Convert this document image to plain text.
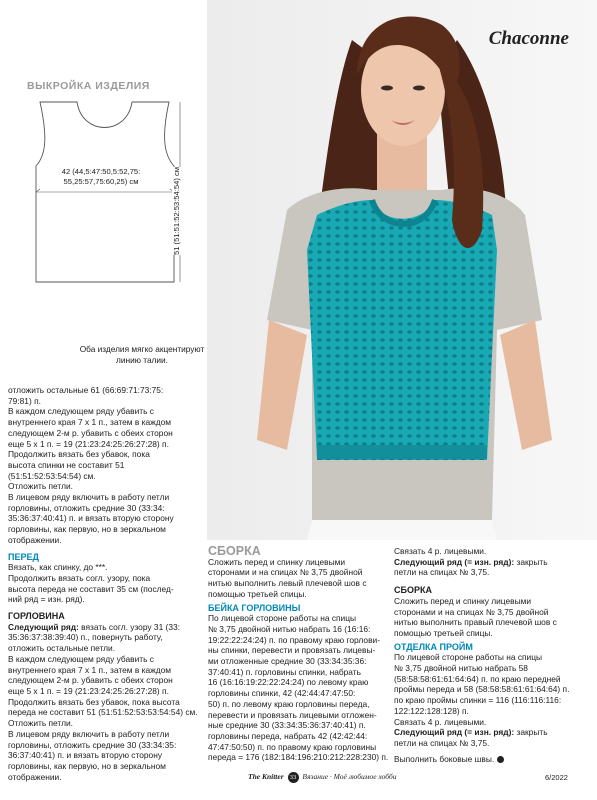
Chaconne
ВЫКРОЙКА ИЗДЕЛИЯ
42 (44,5:47:50,5:52,75:
55,25:57,75:60,25) см	51 (51:51:52:53:54:54) см
Оба изделия мягко акцентируют линию талии.

отложить остальные 61 (66:69:71:73:75:

79:81) п.

В каждом следующем ряду убавить с

внутреннего края 7 х 1 п., затем в каждом

следующем 2-м р. убавить с обеих сторон

еще 5 х 1 п. = 19 (21:23:24:25:26:27:28) п.

Продолжить вязать без убавок, пока

высота спинки не составит 51

(51:51:52:53:54:54) см.

Отложить петли.

В лицевом ряду включить в работу петли

горловины, отложить средние 30 (33:34:

35:36:37:40:41) п. и вязать вторую сторону

горловины, как первую, но в зеркальном

отображении.

ПЕРЕД

Вязать, как спинку, до ***.

Продолжить вязать согл. узору, пока

высота переда не составит 35 см (послед-

ний ряд = изн. ряд).

ГОРЛОВИНА

Следующий ряд: вязать согл. узору 31 (33:

35:36:37:38:39:40) п., повернуть работу,

отложить остальные петли.

В каждом следующем ряду убавить с

внутреннего края 7 х 1 п., затем в каждом

следующем 2-м р. убавить с обеих сторон

еще 5 х 1 п. = 19 (21:23:24:25:26:27:28) п.

Продолжить вязать без убавок, пока высота

переда не составит 51 (51:51:52:53:53:54:54) см.

Отложить петли.

В лицевом ряду включить в работу петли

горловины, отложить средние 30 (33:34:35:

36:37:40:41) п. и вязать вторую сторону

горловины, как первую, но в зеркальном

отображении.

СБОРКА

Сложить перед и спинку лицевыми

сторонами и на спицах № 3,75 двойной

нитью выполнить левый плечевой шов с

помощью третьей спицы.

БЕЙКА ГОРЛОВИНЫ

По лицевой стороне работы на спицы

№ 3,75 двойной нитью набрать 16 (16:16:

19:22:22:24:24) п. по правому краю горлови-

ны спинки, перевести и провязать лицевы-

ми отложенные средние 30 (33:34:35:36:

37:40:41) п. горловины спинки, набрать

16 (16:16:19:22:22:24:24) по левому краю

горловины спинки, 42 (42:44:47:47:50:

50) п. по левому краю горловины переда,

перевести и провязать лицевыми отложен-

ные средние 30 (33:34:35:36:37:40:41) п.

горловины переда, набрать 42 (42:42:44:

47:47:50:50) п. по правому краю горловины

переда = 176 (182:184:196:210:212:228:230) п.

Связать 4 р. лицевыми.

Следующий ряд (= изн. ряд): закрыть

петли на спицах № 3,75.

СБОРКА

Сложить перед и спинку лицевыми

сторонами и на спицах № 3,75 двойной

нитью выполнить правый плечевой шов с

помощью третьей спицы.

ОТДЕЛКА ПРОЙМ

По лицевой стороне работы на спицы

№ 3,75 двойной нитью набрать 58

(58:58:58:61:61:64:64) п. по краю передней

проймы переда и 58 (58:58:58:61:61:64:64) п.

по краю проймы спинки = 116 (116:116:116:

122:122:128:128) п.

Связать 4 р. лицевыми.

Следующий ряд (= изн. ряд): закрыть

петли на спицах № 3,75.

Выполнить боковые швы.

The Knitter 33 Вязание · Моё любимое хобби	6/2022
